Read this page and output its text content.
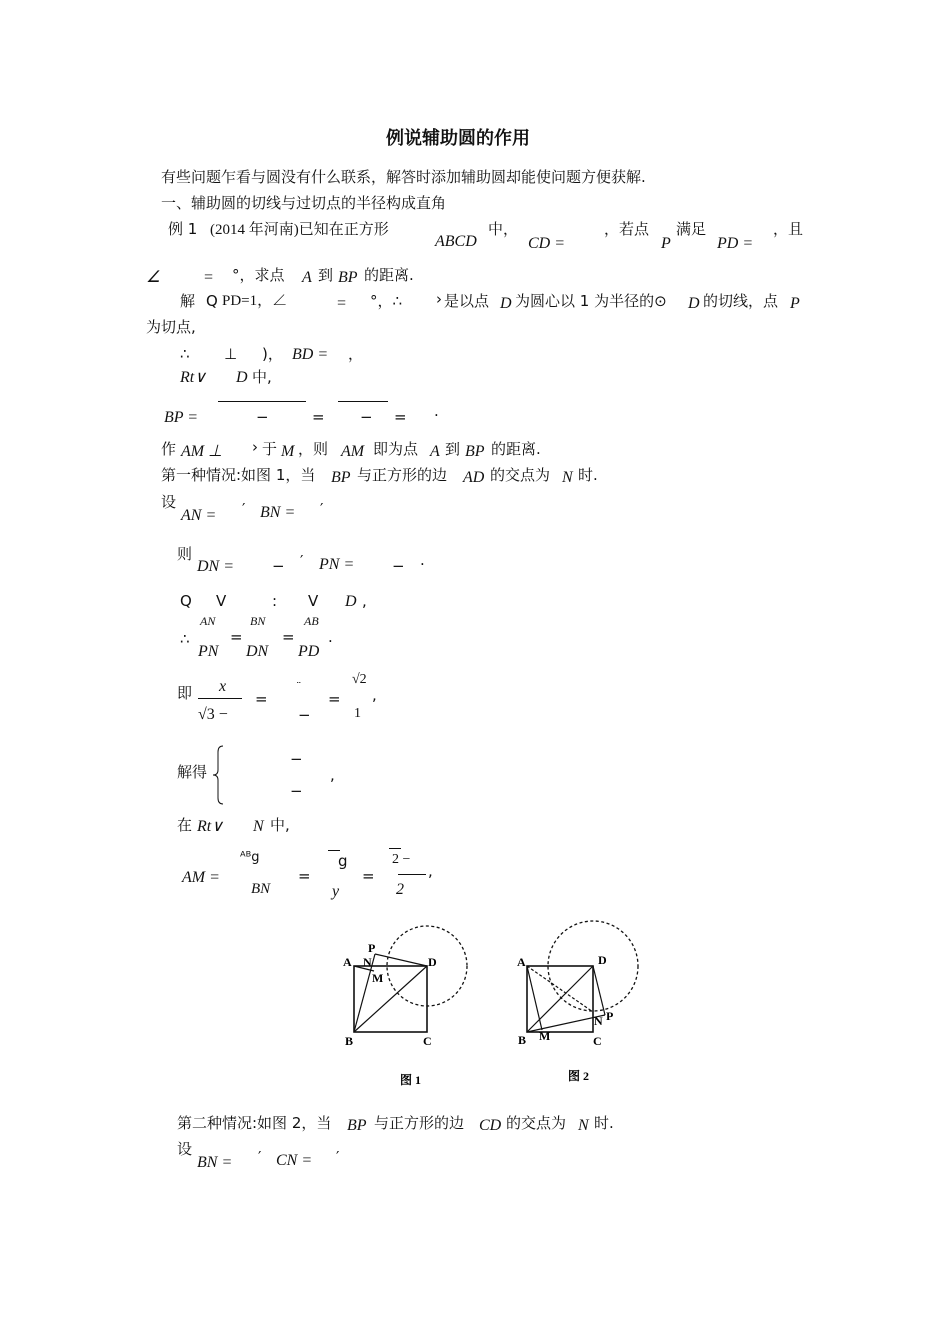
例说辅助圆的作用
有些问题乍看与圆没有什么联系，解答时添加辅助圆却能使问题方便获解.
一、辅助圆的切线与过切点的半径构成直角
例 1 (2014 年河南)已知在正方形
ABCD
中，
CD =
，若点
P
满足
PD =
，且
∠	= °，求点 A 到 BP 的距离.
解 Q PD=1，∠	= °，∴ › 是以点 D 为圆心以 1 为半径的⊙ D 的切线，点 P
为切点,
∴ ⊥ )， BD = ，
Rt∨ D 中,
BP =	−	= − = .
作 AM ⊥ › 于 M ，则 AM 即为点 A 到 BP 的距离.
第一种情况:如图 1，当 BP 与正方形的边 AD 的交点为 N 时.
设
AN = ′ BN = ′
则
DN =	− ′ PN =	− .
Q V	: V D ,
∴
AN
PN
=
BN
DN
=
AB
PD
.
即 x
√3 −
=
¨
−
=
√2
1
,
解得
−
−
,
在 Rt∨ N 中,
AM =
ᴬᴮg
BN
=
g
y
=
2 −
2
,
A N
P
D
M
B	C
图 1
A	D
N P
B M	C
图 2
第二种情况:如图 2，当 BP 与正方形的边 CD 的交点为 N 时.
设
BN = ′ CN = ′
